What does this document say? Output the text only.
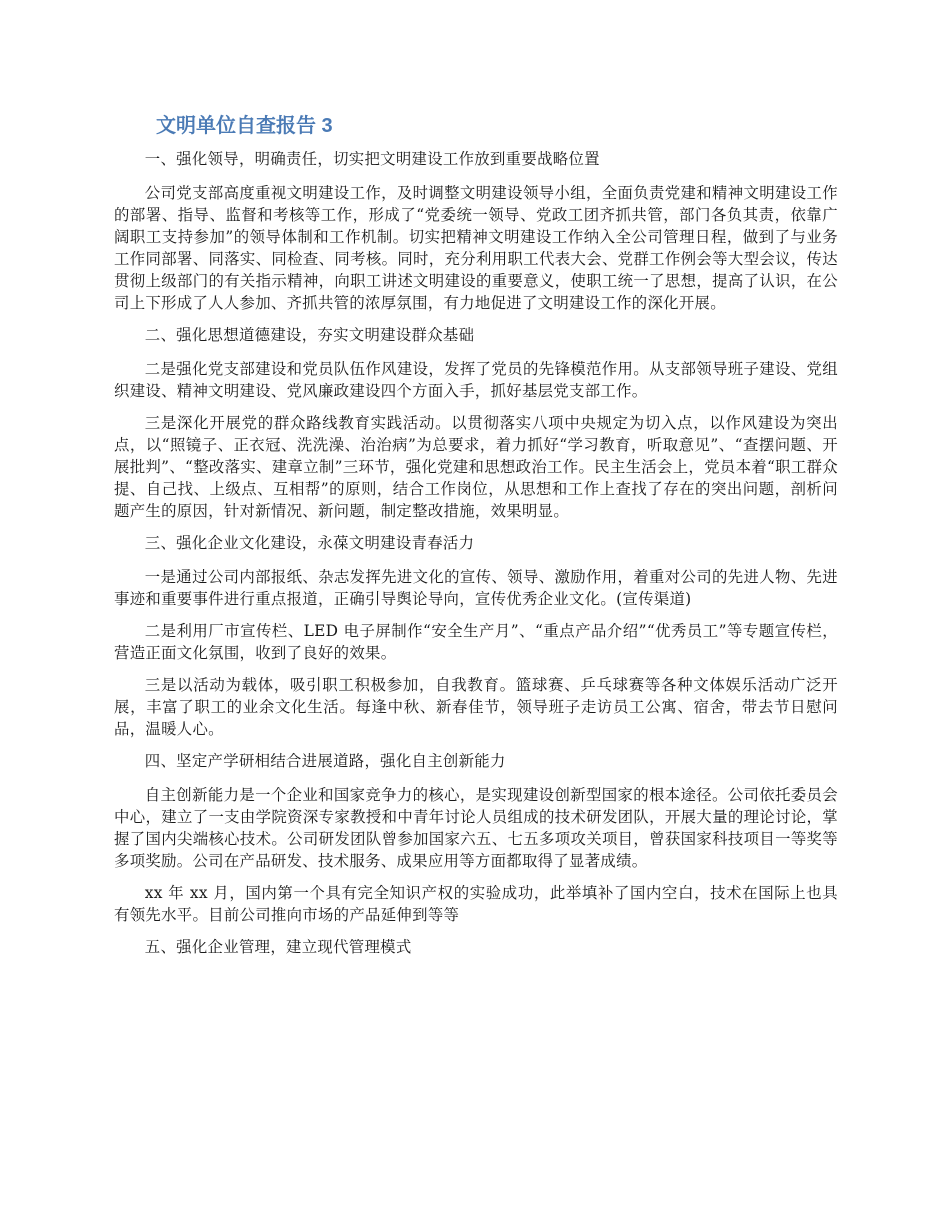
文明单位自查报告 3

一、强化领导，明确责任，切实把文明建设工作放到重要战略位置

公司党支部高度重视文明建设工作，及时调整文明建设领导小组，全面负责党建和精神文明建设工作的部署、指导、监督和考核等工作，形成了“党委统一领导、党政工团齐抓共管，部门各负其责，依靠广阔职工支持参加”的领导体制和工作机制。切实把精神文明建设工作纳入全公司管理日程，做到了与业务工作同部署、同落实、同检查、同考核。同时，充分利用职工代表大会、党群工作例会等大型会议，传达贯彻上级部门的有关指示精神，向职工讲述文明建设的重要意义，使职工统一了思想，提高了认识，在公司上下形成了人人参加、齐抓共管的浓厚氛围，有力地促进了文明建设工作的深化开展。

二、强化思想道德建设，夯实文明建设群众基础

二是强化党支部建设和党员队伍作风建设，发挥了党员的先锋模范作用。从支部领导班子建设、党组织建设、精神文明建设、党风廉政建设四个方面入手，抓好基层党支部工作。

三是深化开展党的群众路线教育实践活动。以贯彻落实八项中央规定为切入点，以作风建设为突出点，以“照镜子、正衣冠、洗洗澡、治治病”为总要求，着力抓好“学习教育，听取意见”、“查摆问题、开展批判”、“整改落实、建章立制”三环节，强化党建和思想政治工作。民主生活会上，党员本着“职工群众提、自己找、上级点、互相帮”的原则，结合工作岗位，从思想和工作上查找了存在的突出问题，剖析问题产生的原因，针对新情况、新问题，制定整改措施，效果明显。

三、强化企业文化建设，永葆文明建设青春活力

一是通过公司内部报纸、杂志发挥先进文化的宣传、领导、激励作用，着重对公司的先进人物、先进事迹和重要事件进行重点报道，正确引导舆论导向，宣传优秀企业文化。(宣传渠道)

二是利用厂市宣传栏、LED 电子屏制作“安全生产月”、“重点产品介绍”“优秀员工”等专题宣传栏，营造正面文化氛围，收到了良好的效果。

三是以活动为载体，吸引职工积极参加，自我教育。篮球赛、乒乓球赛等各种文体娱乐活动广泛开展，丰富了职工的业余文化生活。每逢中秋、新春佳节，领导班子走访员工公寓、宿舍，带去节日慰问品，温暖人心。

四、坚定产学研相结合进展道路，强化自主创新能力

自主创新能力是一个企业和国家竞争力的核心，是实现建设创新型国家的根本途径。公司依托委员会中心，建立了一支由学院资深专家教授和中青年讨论人员组成的技术研发团队，开展大量的理论讨论，掌握了国内尖端核心技术。公司研发团队曾参加国家六五、七五多项攻关项目，曾获国家科技项目一等奖等多项奖励。公司在产品研发、技术服务、成果应用等方面都取得了显著成绩。

xx 年 xx 月，国内第一个具有完全知识产权的实验成功，此举填补了国内空白，技术在国际上也具有领先水平。目前公司推向市场的产品延伸到等等

五、强化企业管理，建立现代管理模式
